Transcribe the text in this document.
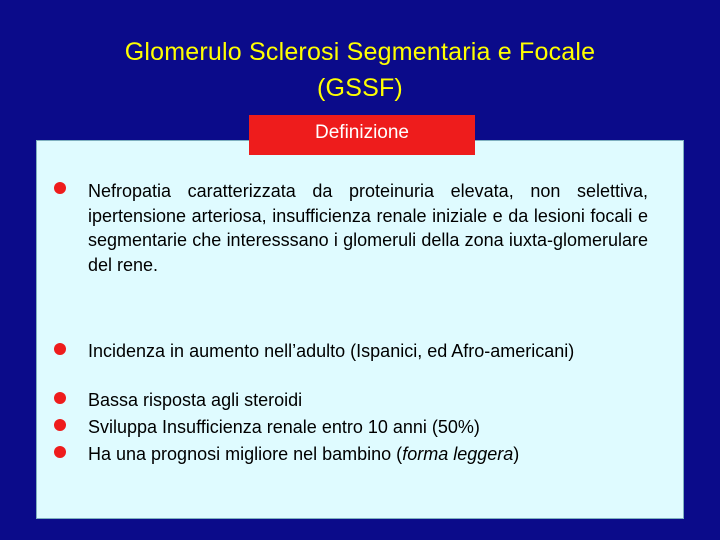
Glomerulo Sclerosi Segmentaria e Focale
(GSSF)
Definizione
Nefropatia caratterizzata da proteinuria elevata, non selettiva, ipertensione arteriosa, insufficienza renale iniziale e da lesioni focali e segmentarie che interesssano i glomeruli della zona iuxta-glomerulare del rene.
Incidenza in aumento nell’adulto (Ispanici, ed Afro-americani)
Bassa risposta agli steroidi
Sviluppa Insufficienza renale entro 10 anni (50%)
Ha una prognosi migliore nel bambino (forma leggera)
